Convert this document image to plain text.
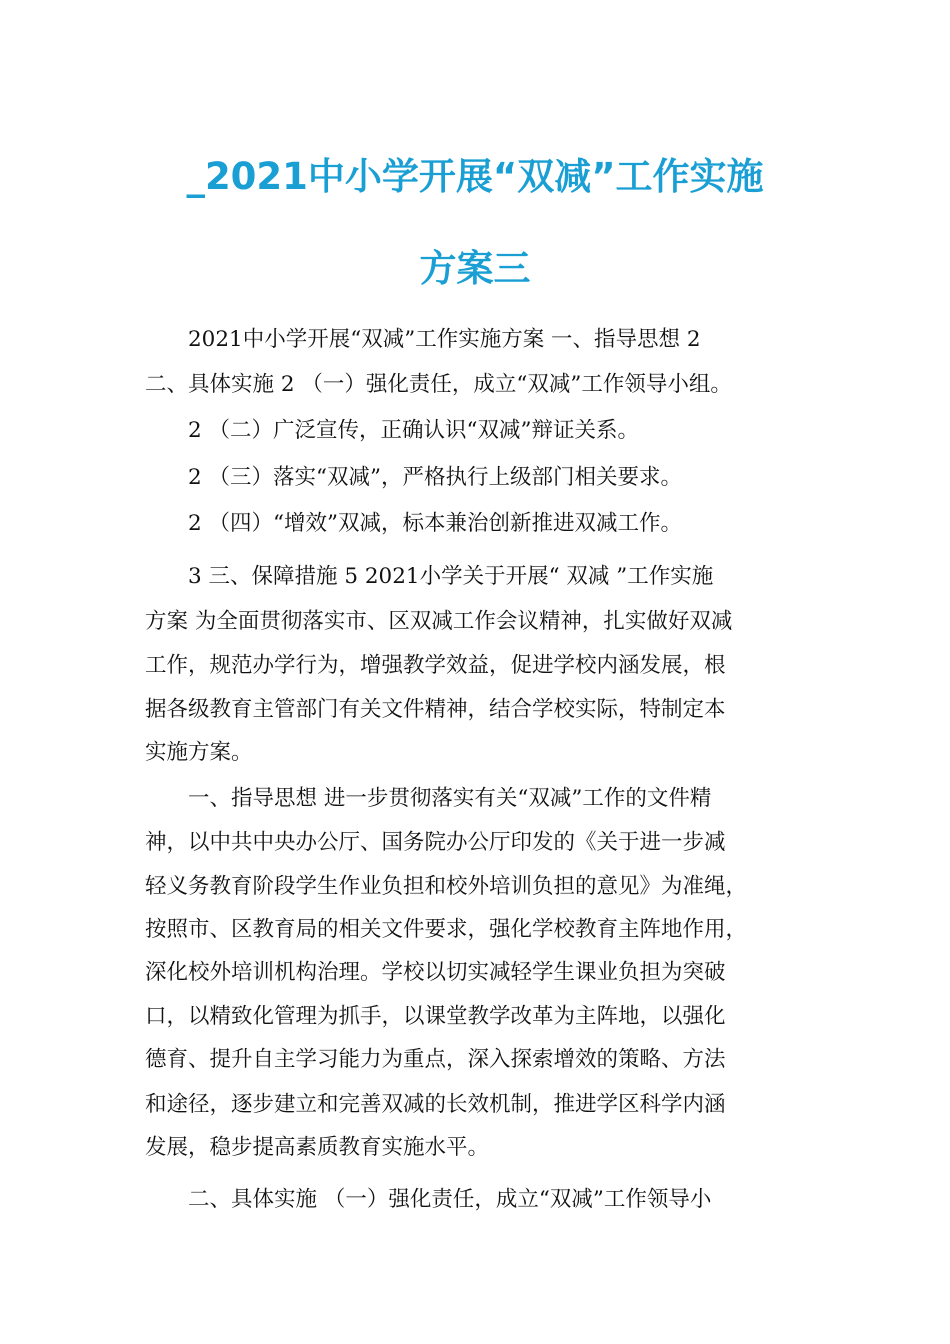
_2021中小学开展“双减”工作实施
方案三
　　2021中小学开展“双减”工作实施方案 一、指导思想 2
二、具体实施 2 （一）强化责任，成立“双减”工作领导小组。
　　2 （二）广泛宣传，正确认识“双减”辩证关系。
　　2 （三）落实“双减”，严格执行上级部门相关要求。
　　2 （四）“增效”双减，标本兼治创新推进双减工作。
　　3 三、保障措施 5 2021小学关于开展“ 双减 ”工作实施
方案 为全面贯彻落实市、区双减工作会议精神，扎实做好双减
工作，规范办学行为，增强教学效益，促进学校内涵发展，根
据各级教育主管部门有关文件精神，结合学校实际，特制定本
实施方案。
　　一、指导思想 进一步贯彻落实有关“双减”工作的文件精
神，以中共中央办公厅、国务院办公厅印发的《关于进一步减
轻义务教育阶段学生作业负担和校外培训负担的意见》为准绳，
按照市、区教育局的相关文件要求，强化学校教育主阵地作用，
深化校外培训机构治理。学校以切实减轻学生课业负担为突破
口，以精致化管理为抓手，以课堂教学改革为主阵地，以强化
德育、提升自主学习能力为重点，深入探索增效的策略、方法
和途径，逐步建立和完善双减的长效机制，推进学区科学内涵
发展，稳步提高素质教育实施水平。
　　二、具体实施 （一）强化责任，成立“双减”工作领导小
